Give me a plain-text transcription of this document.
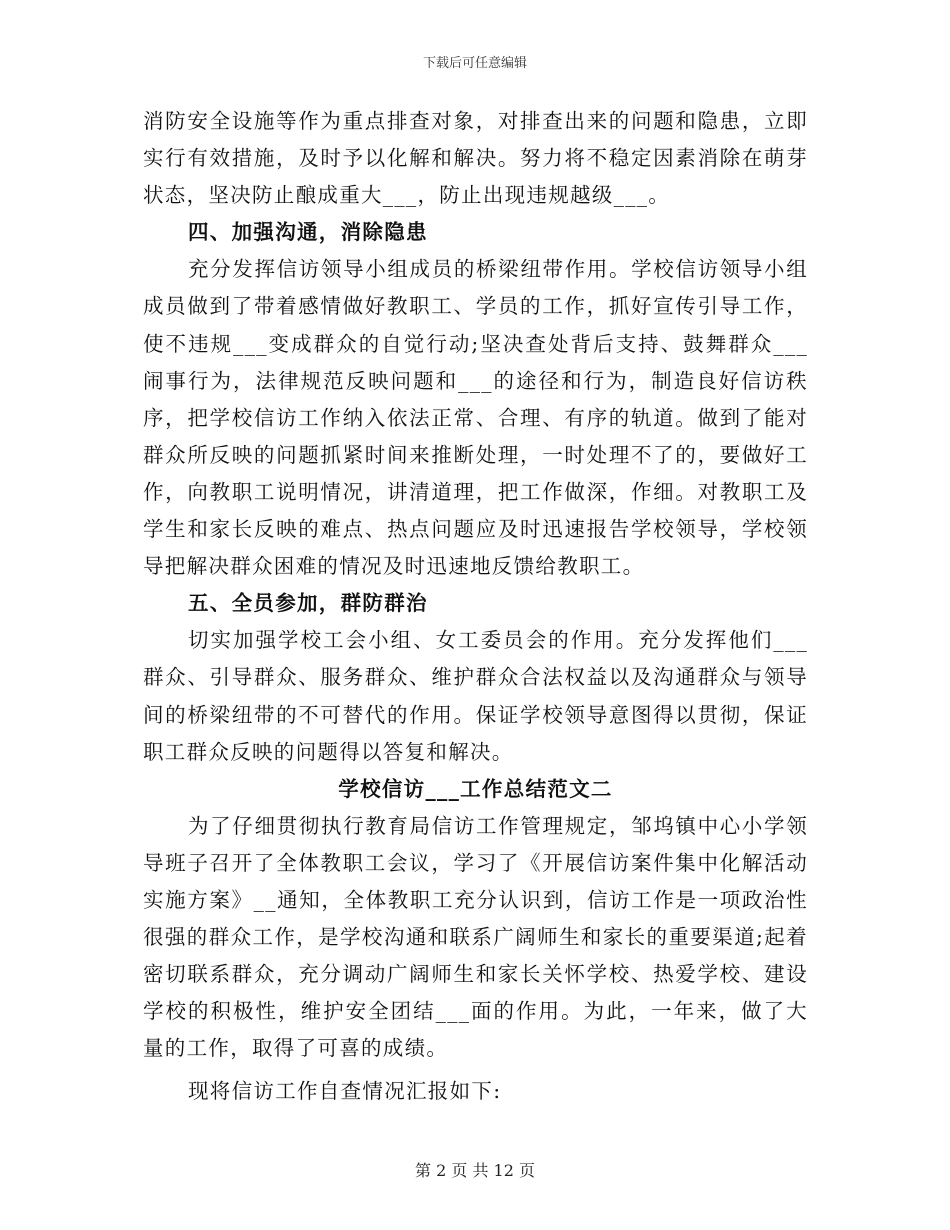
下载后可任意编辑

消防安全设施等作为重点排查对象，对排查出来的问题和隐患，立即实行有效措施，及时予以化解和解决。努力将不稳定因素消除在萌芽状态，坚决防止酿成重大___，防止出现违规越级___。

四、加强沟通，消除隐患

充分发挥信访领导小组成员的桥梁纽带作用。学校信访领导小组成员做到了带着感情做好教职工、学员的工作，抓好宣传引导工作，使不违规___变成群众的自觉行动;坚决查处背后支持、鼓舞群众___闹事行为，法律规范反映问题和___的途径和行为，制造良好信访秩序，把学校信访工作纳入依法正常、合理、有序的轨道。做到了能对群众所反映的问题抓紧时间来推断处理，一时处理不了的，要做好工作，向教职工说明情况，讲清道理，把工作做深，作细。对教职工及学生和家长反映的难点、热点问题应及时迅速报告学校领导，学校领导把解决群众困难的情况及时迅速地反馈给教职工。

五、全员参加，群防群治

切实加强学校工会小组、女工委员会的作用。充分发挥他们___群众、引导群众、服务群众、维护群众合法权益以及沟通群众与领导间的桥梁纽带的不可替代的作用。保证学校领导意图得以贯彻，保证职工群众反映的问题得以答复和解决。

学校信访___工作总结范文二

为了仔细贯彻执行教育局信访工作管理规定，邹坞镇中心小学领导班子召开了全体教职工会议，学习了《开展信访案件集中化解活动实施方案》__通知，全体教职工充分认识到，信访工作是一项政治性很强的群众工作，是学校沟通和联系广阔师生和家长的重要渠道;起着密切联系群众，充分调动广阔师生和家长关怀学校、热爱学校、建设学校的积极性，维护安全团结___面的作用。为此，一年来，做了大量的工作，取得了可喜的成绩。

现将信访工作自查情况汇报如下:

第 2 页 共 12 页
